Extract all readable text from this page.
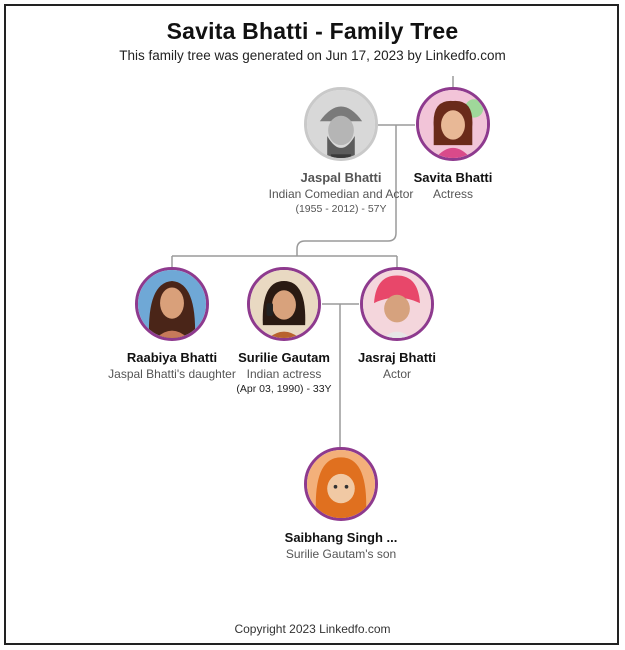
Savita Bhatti - Family Tree
This family tree was generated on Jun 17, 2023 by Linkedfo.com
Jaspal Bhatti
Indian Comedian and Actor
(1955 - 2012) - 57Y
Savita Bhatti
Actress
Raabiya Bhatti
Jaspal Bhatti's daughter
Surilie Gautam
Indian actress
(Apr 03, 1990) - 33Y
Jasraj Bhatti
Actor
Saibhang Singh ...
Surilie Gautam's son
Copyright 2023 Linkedfo.com
